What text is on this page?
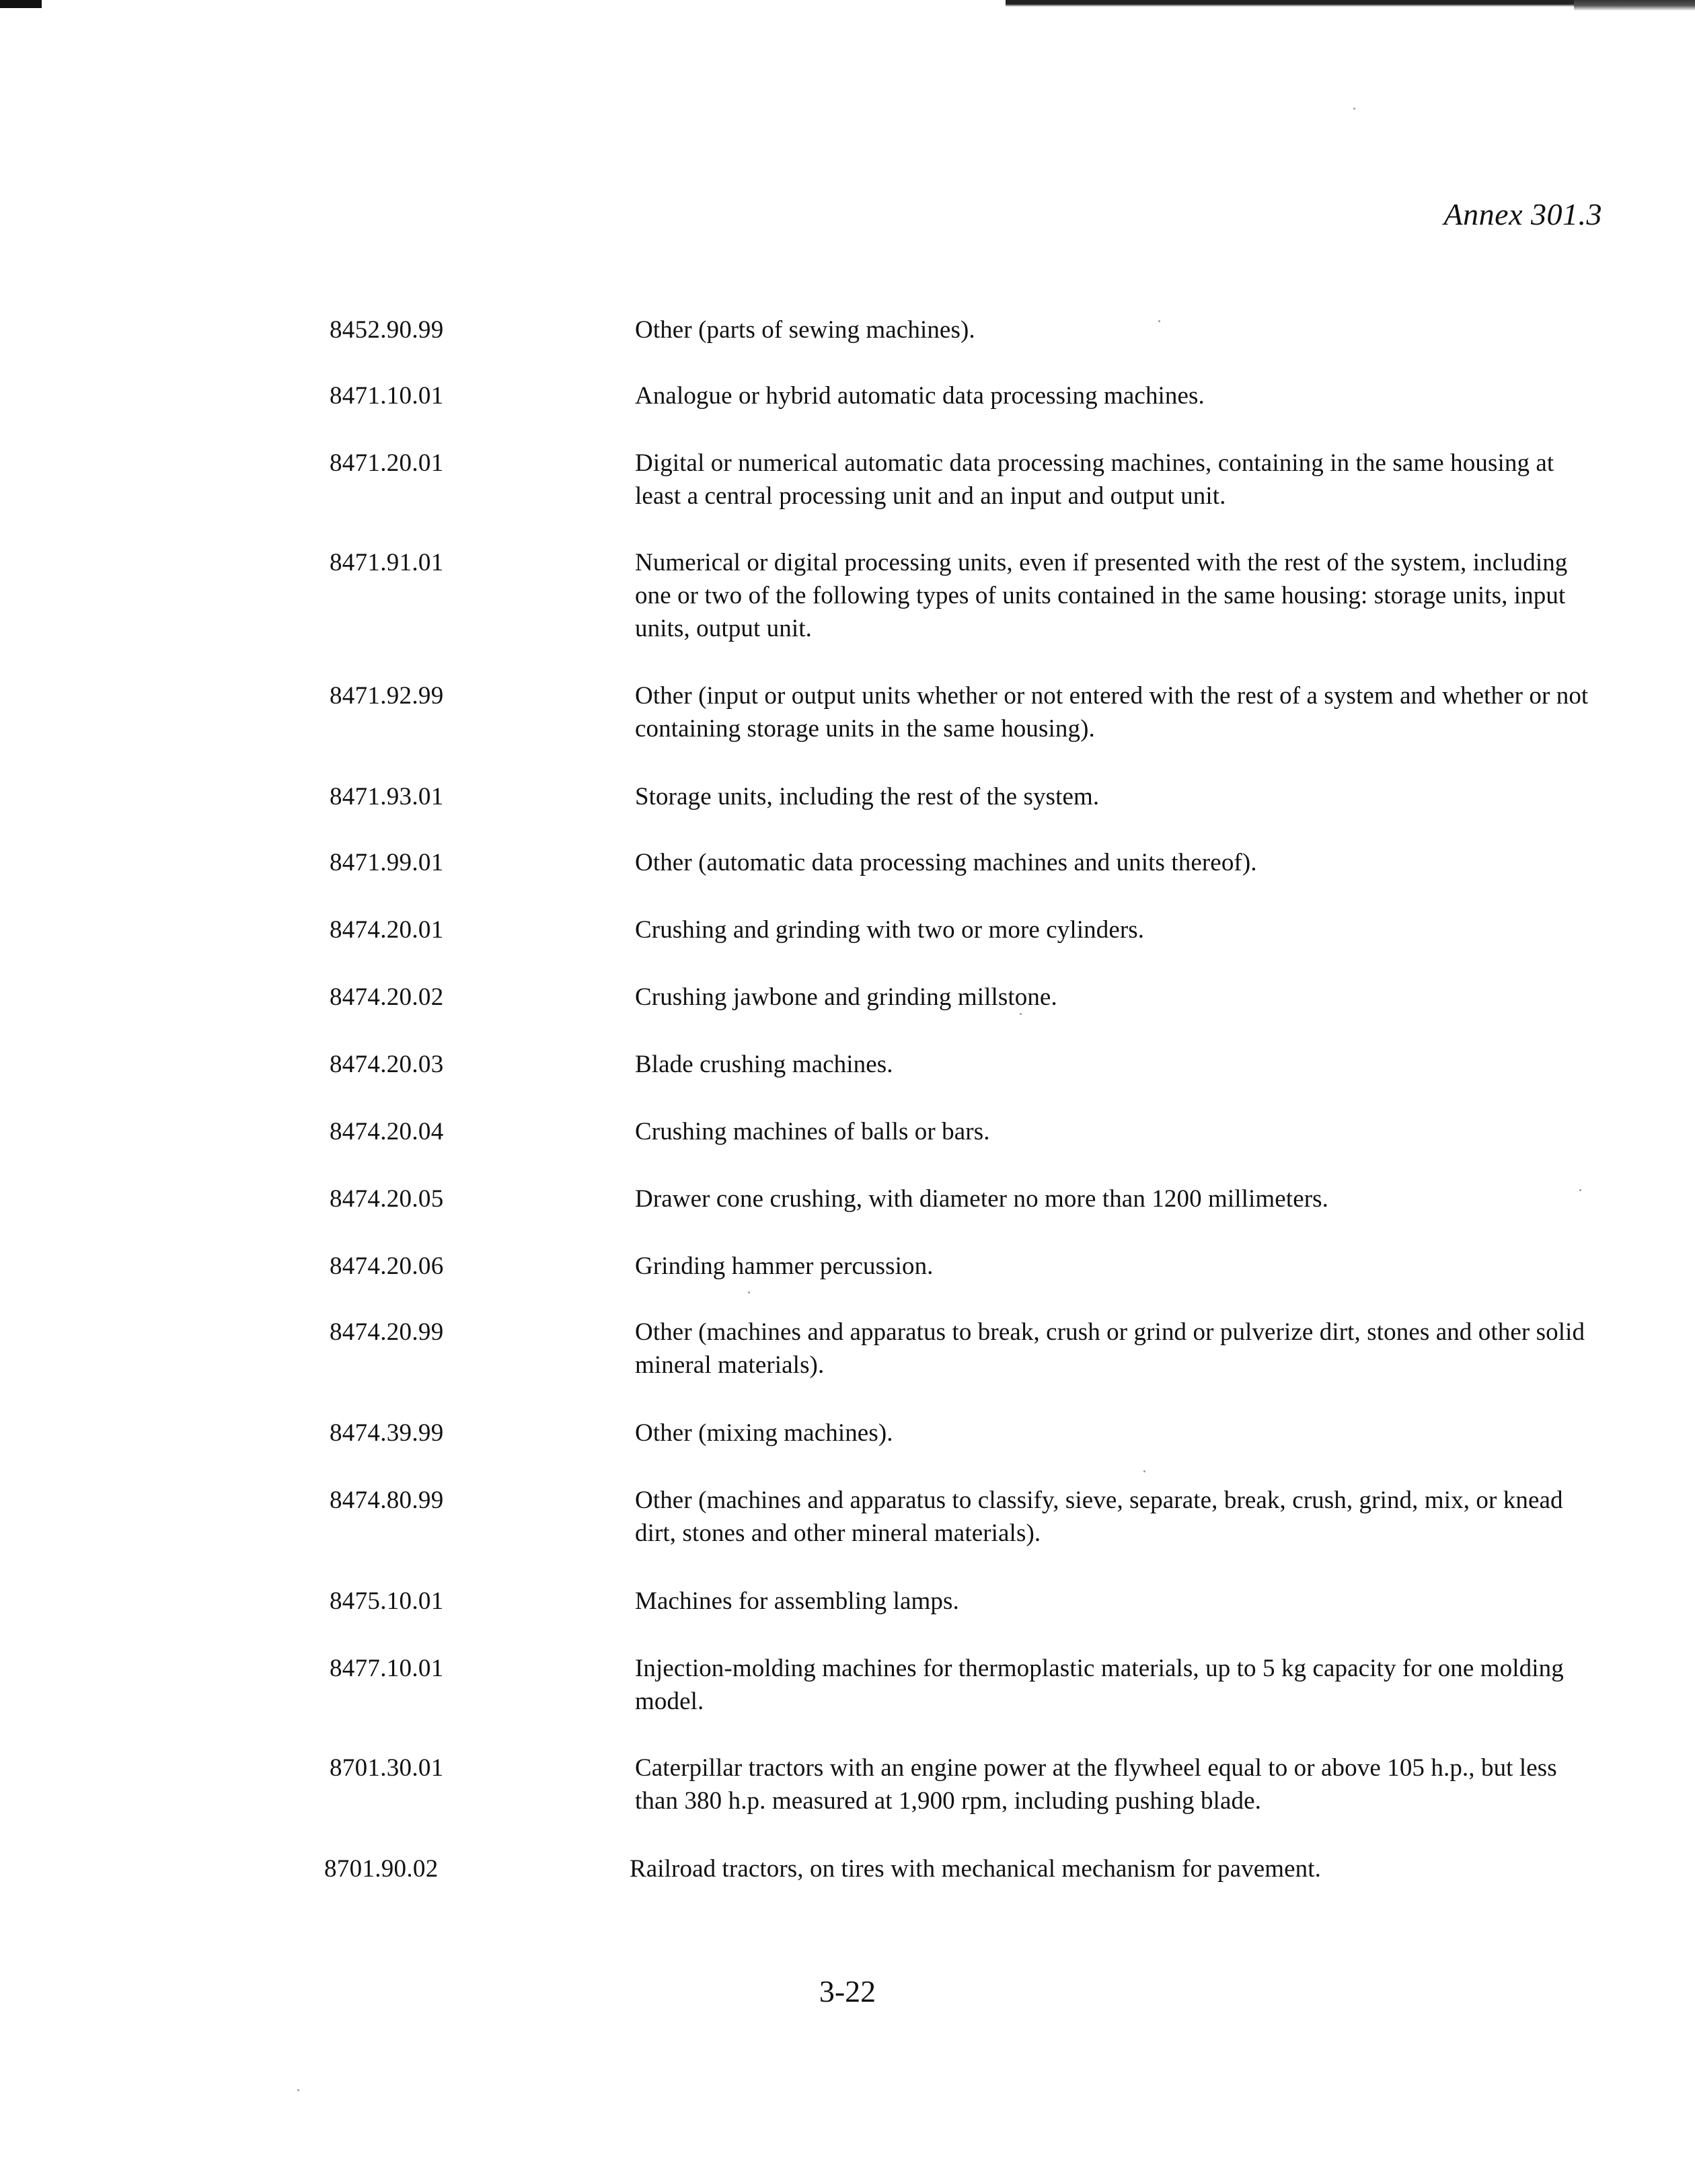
Annex 301.3
8452.90.99	Other (parts of sewing machines).
8471.10.01	Analogue or hybrid automatic data processing machines.
8471.20.01	Digital or numerical automatic data processing machines, containing in the same housing at least a central processing unit and an input and output unit.
8471.91.01	Numerical or digital processing units, even if presented with the rest of the system, including one or two of the following types of units contained in the same housing: storage units, input units, output unit.
8471.92.99	Other (input or output units whether or not entered with the rest of a system and whether or not containing storage units in the same housing).
8471.93.01	Storage units, including the rest of the system.
8471.99.01	Other (automatic data processing machines and units thereof).
8474.20.01	Crushing and grinding with two or more cylinders.
8474.20.02	Crushing jawbone and grinding millstone.
8474.20.03	Blade crushing machines.
8474.20.04	Crushing machines of balls or bars.
8474.20.05	Drawer cone crushing, with diameter no more than 1200 millimeters.
8474.20.06	Grinding hammer percussion.
8474.20.99	Other (machines and apparatus to break, crush or grind or pulverize dirt, stones and other solid mineral materials).
8474.39.99	Other (mixing machines).
8474.80.99	Other (machines and apparatus to classify, sieve, separate, break, crush, grind, mix, or knead dirt, stones and other mineral materials).
8475.10.01	Machines for assembling lamps.
8477.10.01	Injection-molding machines for thermoplastic materials, up to 5 kg capacity for one molding model.
8701.30.01	Caterpillar tractors with an engine power at the flywheel equal to or above 105 h.p., but less than 380 h.p. measured at 1,900 rpm, including pushing blade.
8701.90.02	Railroad tractors, on tires with mechanical mechanism for pavement.
3-22
